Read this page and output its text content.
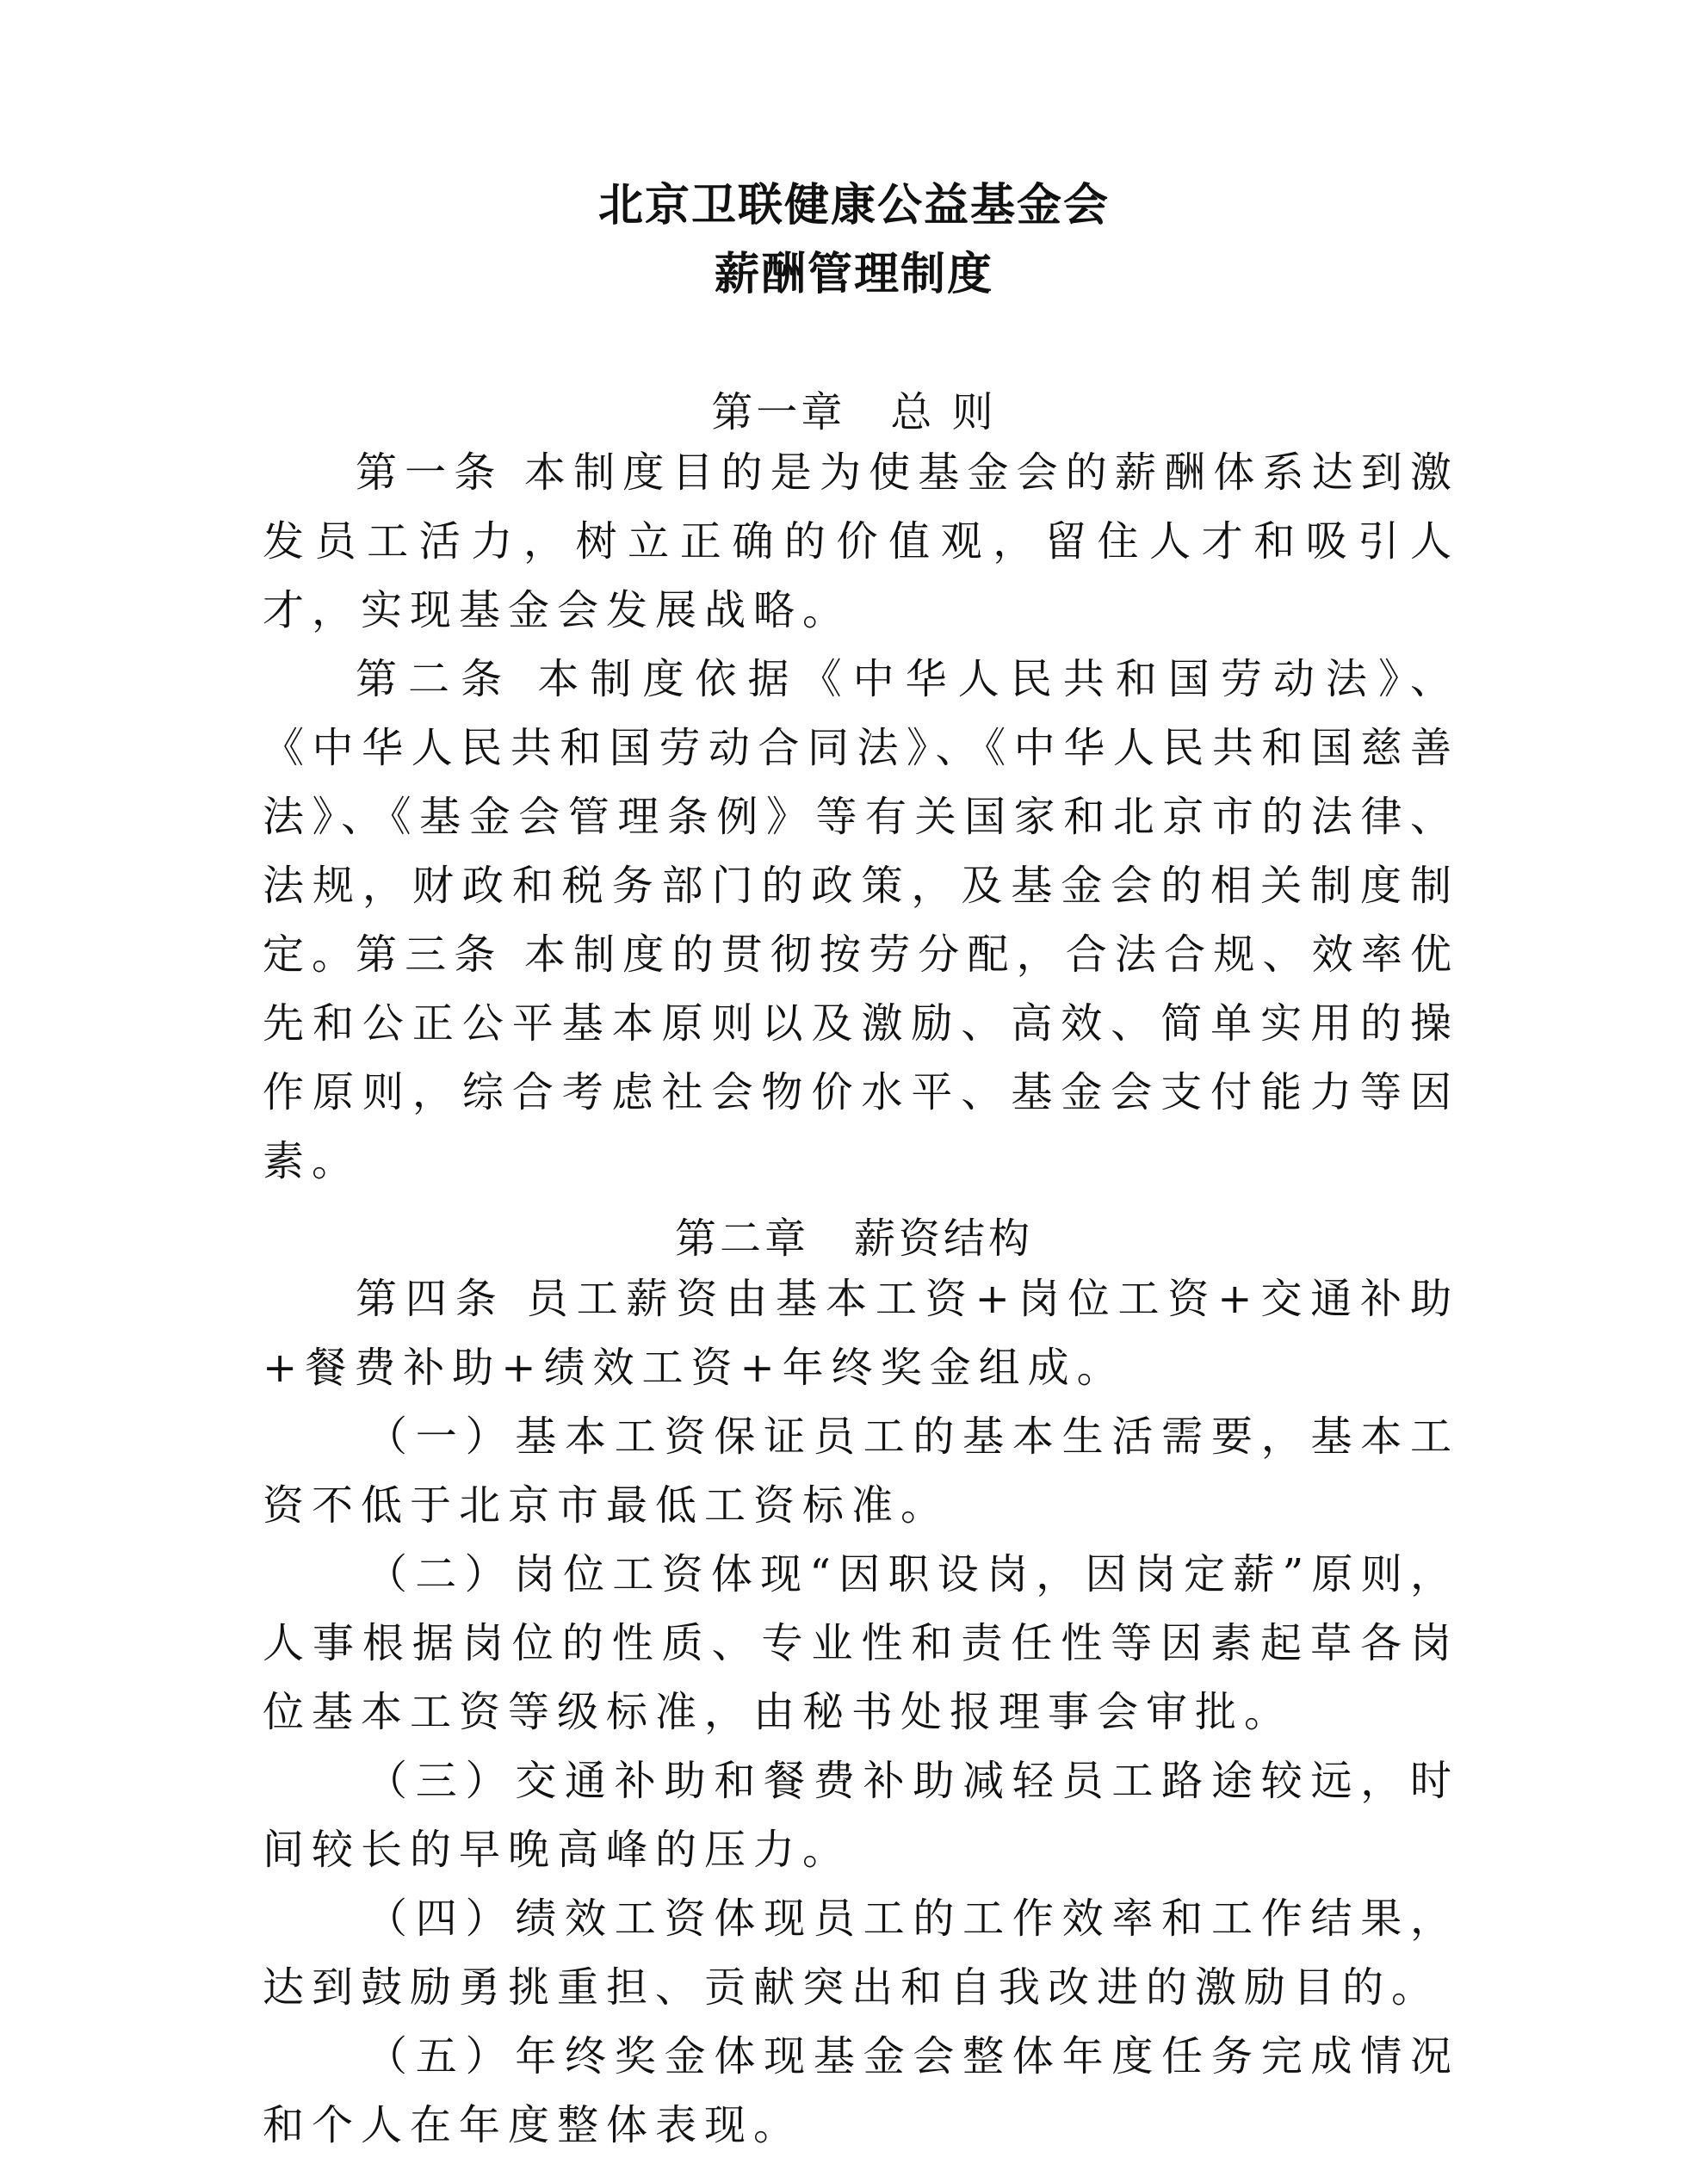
北京卫联健康公益基金会
薪酬管理制度
第一章　总 则

第一条 本制度目的是为使基金会的薪酬体系达到激发员工活力，树立正确的价值观，留住人才和吸引人才，实现基金会发展战略。

第二条 本制度依据《中华人民共和国劳动法》、《中华人民共和国劳动合同法》、《中华人民共和国慈善法》、《基金会管理条例》等有关国家和北京市的法律、法规，财政和税务部门的政策，及基金会的相关制度制定。

第三条 本制度的贯彻按劳分配，合法合规、效率优先和公正公平基本原则以及激励、高效、简单实用的操作原则，综合考虑社会物价水平、基金会支付能力等因素。

第二章　薪资结构

第四条 员工薪资由基本工资+岗位工资+交通补助+餐费补助+绩效工资+年终奖金组成。

（一）基本工资保证员工的基本生活需要，基本工资不低于北京市最低工资标准。

（二）岗位工资体现“因职设岗，因岗定薪”原则，人事根据岗位的性质、专业性和责任性等因素起草各岗位基本工资等级标准，由秘书处报理事会审批。

（三）交通补助和餐费补助减轻员工路途较远，时间较长的早晚高峰的压力。

（四）绩效工资体现员工的工作效率和工作结果，达到鼓励勇挑重担、贡献突出和自我改进的激励目的。

（五）年终奖金体现基金会整体年度任务完成情况和个人在年度整体表现。
